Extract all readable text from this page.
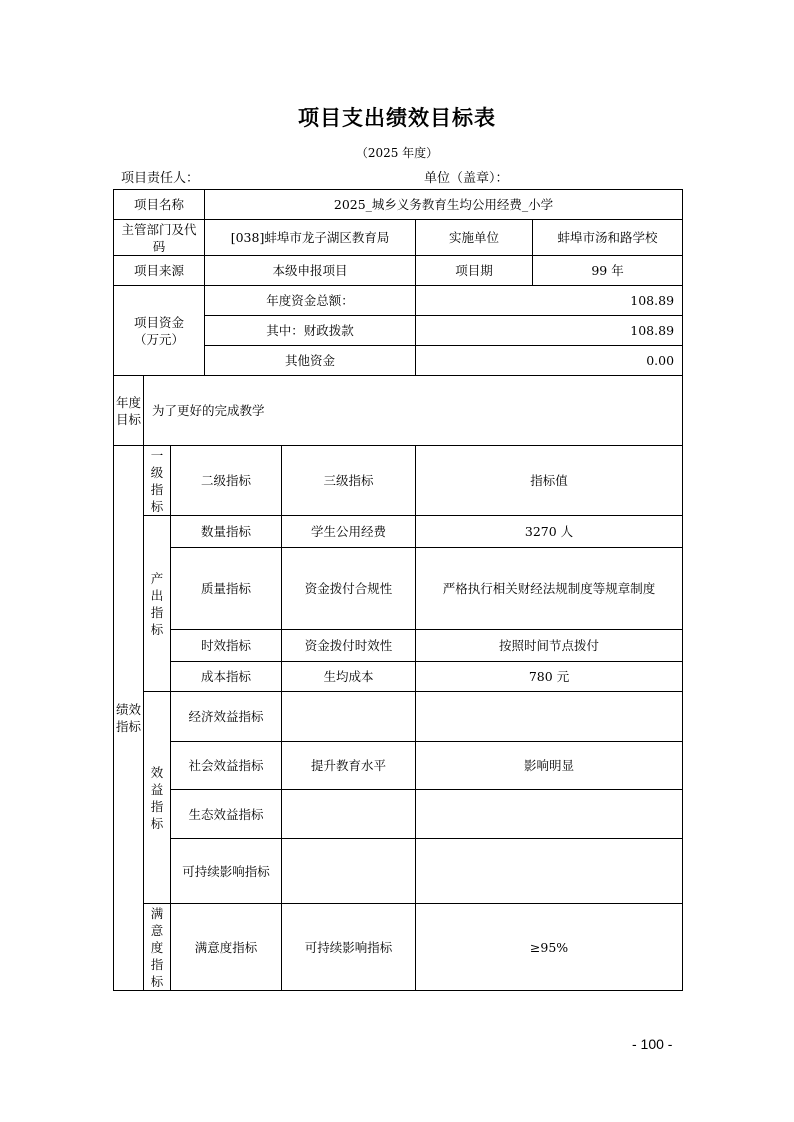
项目支出绩效目标表
（2025 年度）
项目责任人：	单位（盖章）：
项目名称			2025_城乡义务教育生均公用经费_小学			
主管部门及代码			[038]蚌埠市龙子湖区教育局		实施单位	蚌埠市汤和路学校
项目来源			本级申报项目		项目期	99 年
项目资金（万元）			年度资金总额：		108.89	
			其中：财政拨款		108.89	
			其他资金		0.00	
年度目标	为了更好的完成教学					
绩效指标	一级指标	二级指标		三级指标	指标值	
	产出指标	数量指标		学生公用经费	3270 人	
		质量指标		资金拨付合规性	严格执行相关财经法规制度等规章制度	
		时效指标		资金拨付时效性	按照时间节点拨付	
		成本指标		生均成本	780 元	
	效益指标	经济效益指标				
		社会效益指标		提升教育水平	影响明显	
		生态效益指标				
		可持续影响指标				
	满意度指标	满意度指标		可持续影响指标	≥95%	
- 100 -
